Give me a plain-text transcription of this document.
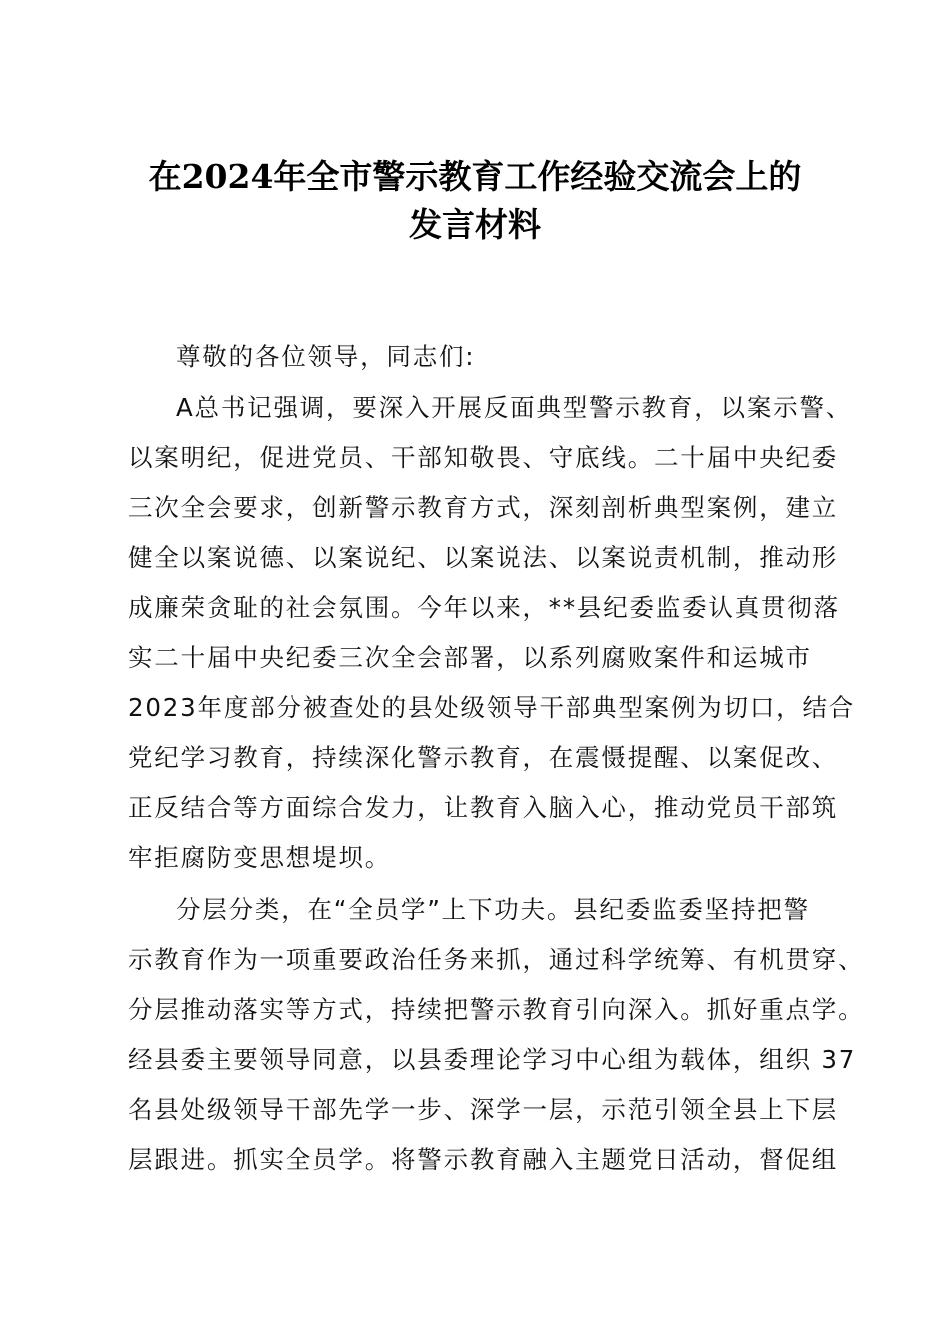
在2024年全市警示教育工作经验交流会上的
发言材料
尊敬的各位领导，同志们:
A总书记强调，要深入开展反面典型警示教育，以案示警、
以案明纪，促进党员、干部知敬畏、守底线。二十届中央纪委
三次全会要求，创新警示教育方式，深刻剖析典型案例，建立
健全以案说德、以案说纪、以案说法、以案说责机制，推动形
成廉荣贪耻的社会氛围。今年以来，**县纪委监委认真贯彻落
实二十届中央纪委三次全会部署，以系列腐败案件和运城市
2023年度部分被查处的县处级领导干部典型案例为切口，结合
党纪学习教育，持续深化警示教育，在震慑提醒、以案促改、
正反结合等方面综合发力，让教育入脑入心，推动党员干部筑
牢拒腐防变思想堤坝。
分层分类，在“全员学”上下功夫。县纪委监委坚持把警
示教育作为一项重要政治任务来抓，通过科学统筹、有机贯穿、
分层推动落实等方式，持续把警示教育引向深入。抓好重点学。
经县委主要领导同意，以县委理论学习中心组为载体，组织 37
名县处级领导干部先学一步、深学一层，示范引领全县上下层
层跟进。抓实全员学。将警示教育融入主题党日活动，督促组
